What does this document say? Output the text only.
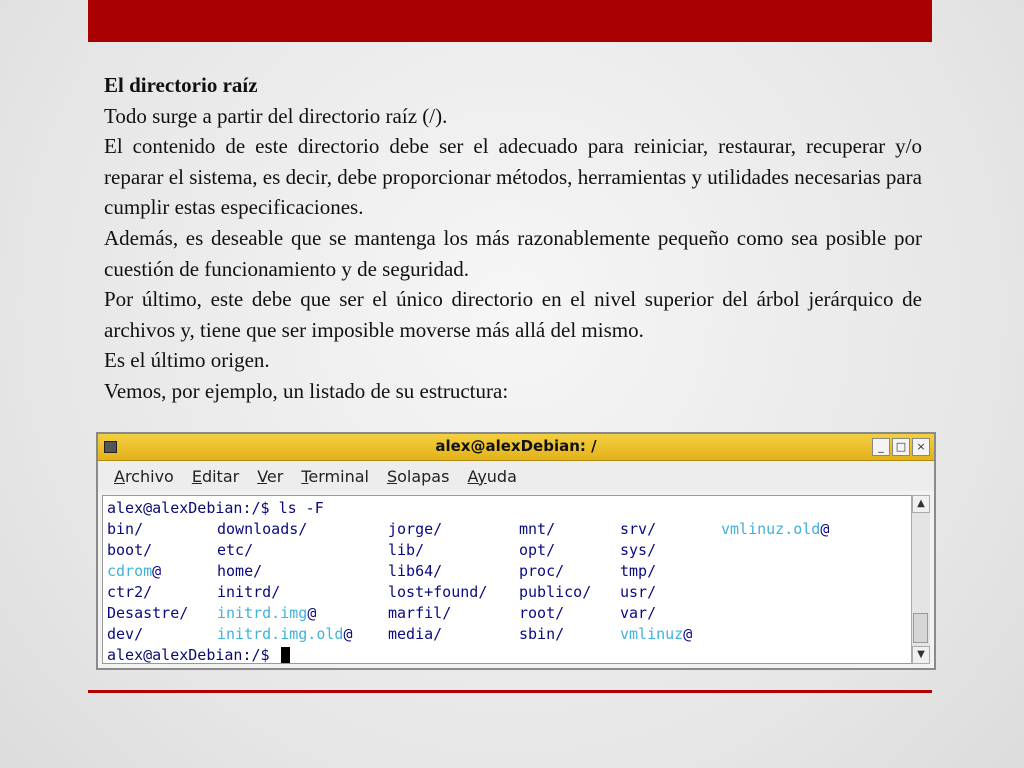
El directorio raíz

Todo surge a partir del directorio raíz (/).

El contenido de este directorio debe ser el adecuado para reiniciar, restaurar, recuperar y/o reparar el sistema, es decir, debe proporcionar métodos, herramientas y utilidades necesarias para cumplir estas especificaciones.

Además, es deseable que se mantenga los más razonablemente pequeño como sea posible por cuestión de funcionamiento y de seguridad.

Por último, este debe que ser el único directorio en el nivel superior del árbol jerárquico de archivos y, tiene que ser imposible moverse más allá del mismo.

Es el último origen.

Vemos, por ejemplo, un listado de su estructura:

alex@alexDebian: /	_	□ ×
Archivo Editar Ver Terminal Solapas Ayuda
alex@alexDebian:/$ ls -F
bin/
boot/
cdrom@
ctr2/
Desastre/
dev/
downloads/
etc/
home/
initrd/
initrd.img@
initrd.img.old@
jorge/
lib/
lib64/
lost+found/
marfil/
media/
mnt/
opt/
proc/
publico/
root/
sbin/
srv/
sys/
tmp/
usr/
var/
vmlinuz@
vmlinuz.old@
alex@alexDebian:/$
▲
▼
